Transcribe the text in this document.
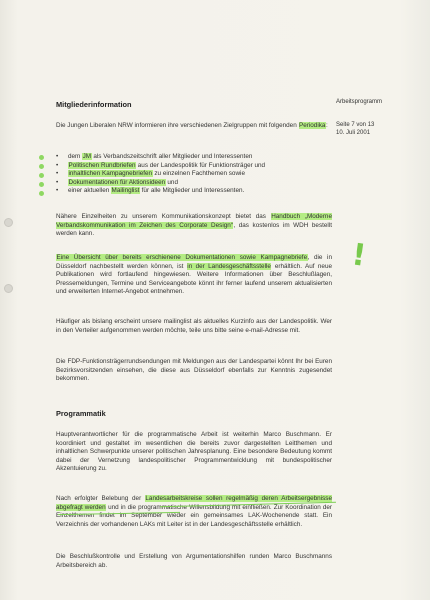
Arbeitsprogramm
Seite 7 von 13
10. Juli 2001
Mitgliederinformation
Die Jungen Liberalen NRW informieren ihre verschiedenen Zielgruppen mit folgenden Periodika:
• dem JM als Verbandszeitschrift aller Mitglieder und Interessenten
• Politischen Rundbriefen aus der Landespolitik für Funktionsträger und
• inhaltlichen Kampagnebriefen zu einzelnen Fachthemen sowie
• Dokumentationen für Aktionsideen und
• einer aktuellen Mailinglist für alle Mitglieder und Interessenten.
Nähere Einzelheiten zu unserem Kommunikationskonzept bietet das Handbuch „Moderne Verbandskommunikation im Zeichen des Corporate Design“, das kostenlos im WDH bestellt werden kann.
Eine Übersicht über bereits erschienene Dokumentationen sowie Kampagnebriefe, die in Düsseldorf nachbestellt werden können, ist in der Landesgeschäftsstelle erhältlich. Auf neue Publikationen wird fortlaufend hingewiesen. Weitere Informationen über Beschlußlagen, Pressemeldungen, Termine und Serviceangebote könnt ihr ferner laufend unserem aktualisierten und erweiterten Internet-Angebot entnehmen.
!
Häufiger als bislang erscheint unsere mailinglist als aktuelles Kurzinfo aus der Landespolitik. Wer in den Verteiler aufgenommen werden möchte, teile uns bitte seine e-mail-Adresse mit.
Die FDP-Funktionsträgerrundsendungen mit Meldungen aus der Landespartei könnt Ihr bei Euren Bezirksvorsitzenden einsehen, die diese aus Düsseldorf ebenfalls zur Kenntnis zugesendet bekommen.
Programmatik
Hauptverantwortlicher für die programmatische Arbeit ist weiterhin Marco Buschmann. Er koordiniert und gestaltet im wesentlichen die bereits zuvor dargestellten Leitthemen und inhaltlichen Schwerpunkte unserer politischen Jahresplanung. Eine besondere Bedeutung kommt dabei der Vernetzung landespolitischer Programmentwicklung mit bundespolitischer Akzentuierung zu.
Nach erfolgter Belebung der Landesarbeitskreise sollen regelmäßig deren Arbeitsergebnisse abgefragt werden und in die programmatische Willensbildung mit einfließen. Zur Koordination der Einzelthemen findet im September wieder ein gemeinsames LAK-Wochenende statt. Ein Verzeichnis der vorhandenen LAKs mit Leiter ist in der Landesgeschäftsstelle erhältlich.
Die Beschlußkontrolle und Erstellung von Argumentationshilfen runden Marco Buschmanns Arbeitsbereich ab.
